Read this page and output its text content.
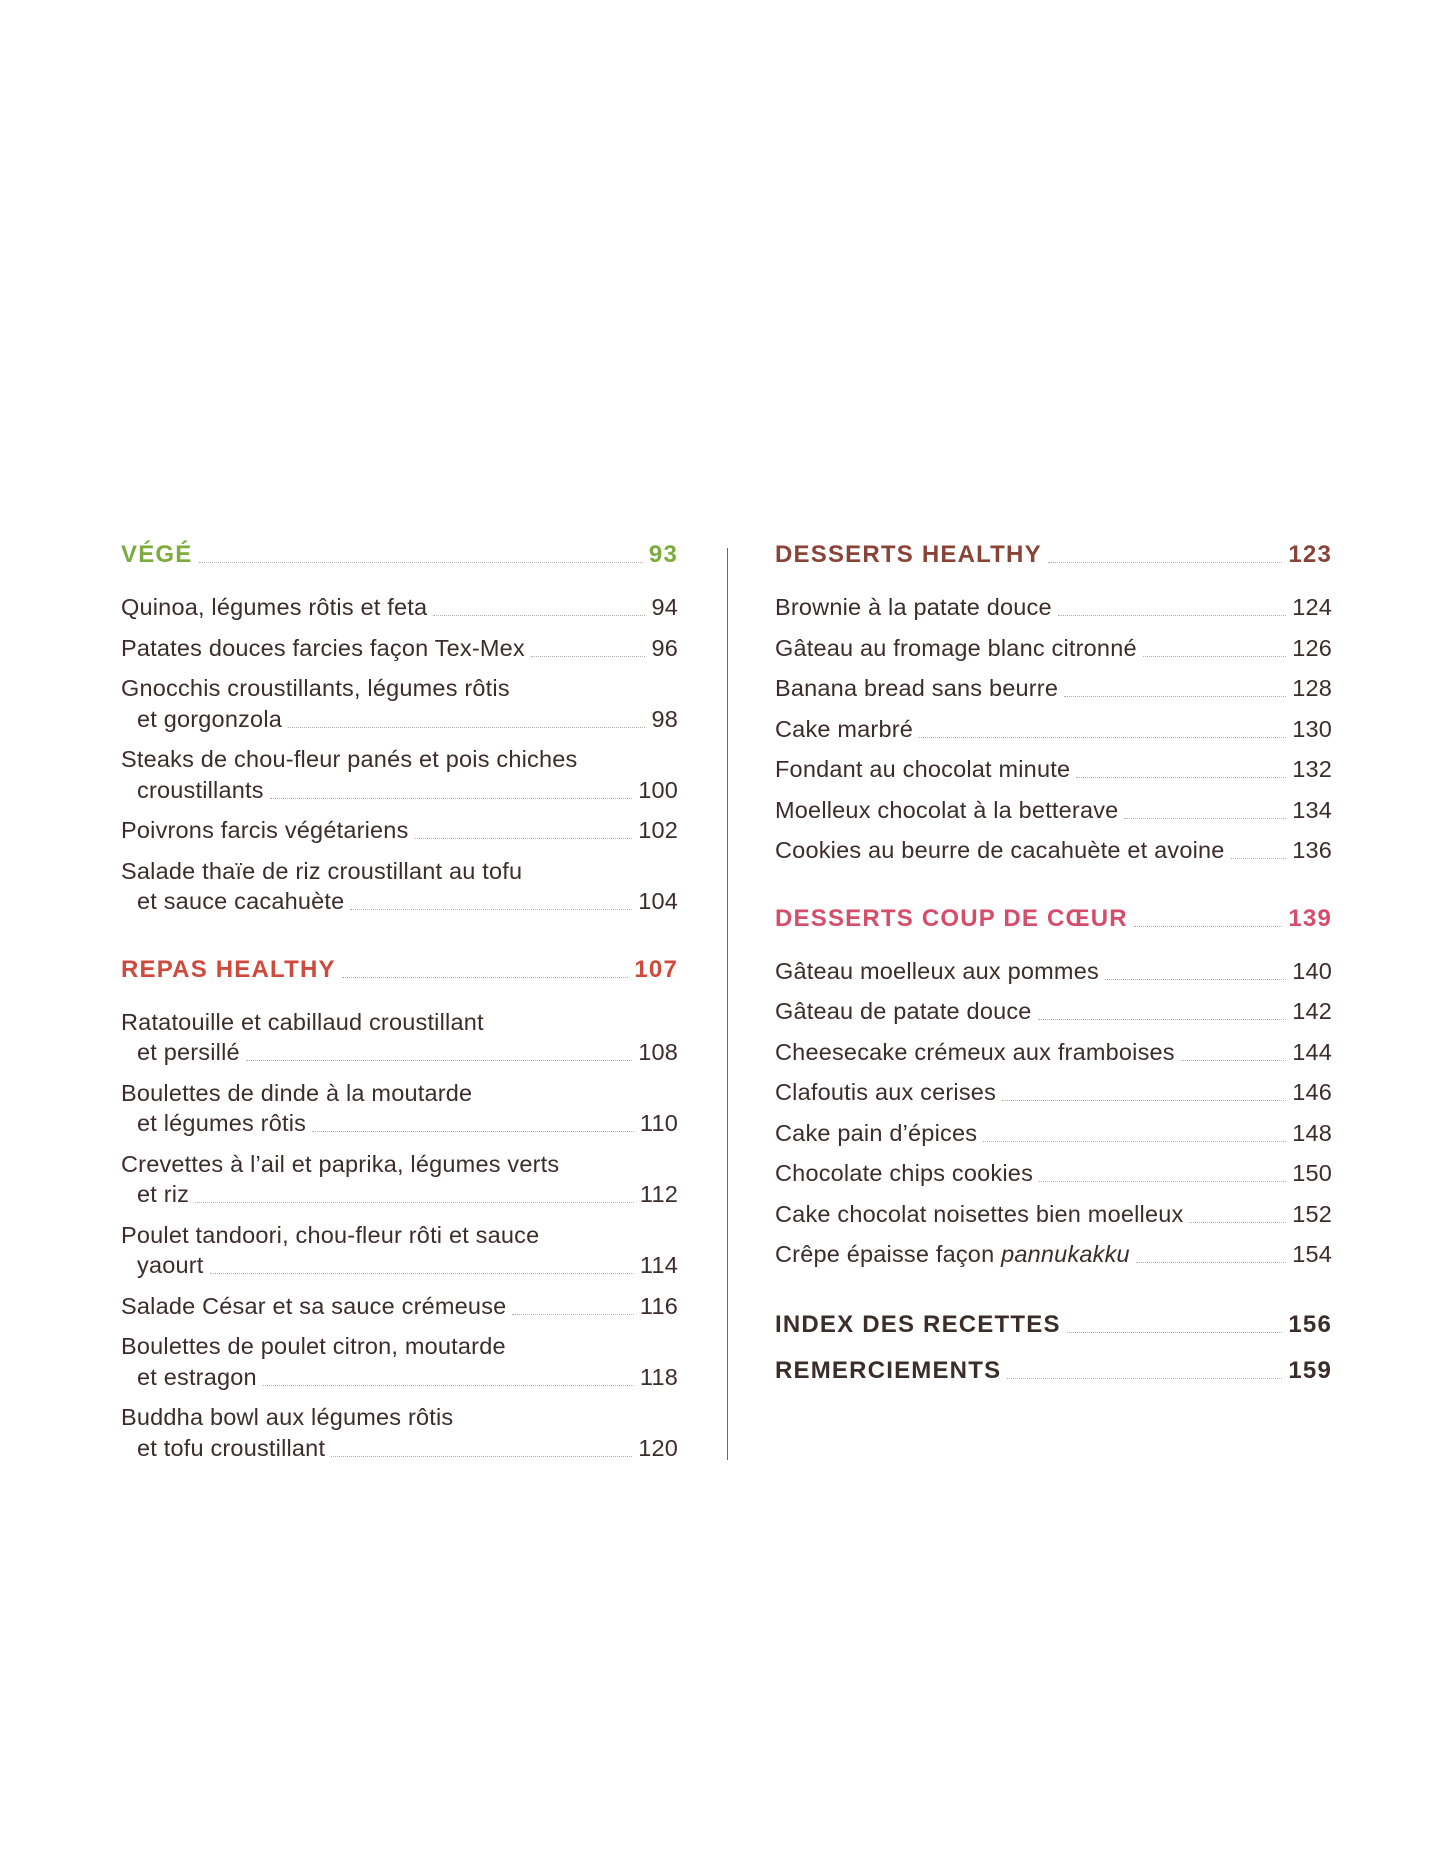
VÉGÉ	93
Quinoa, légumes rôtis et feta	94
Patates douces farcies façon Tex-Mex	96
Gnocchis croustillants, légumes rôtis
et gorgonzola	98
Steaks de chou-fleur panés et pois chiches
croustillants	100
Poivrons farcis végétariens	102
Salade thaïe de riz croustillant au tofu
et sauce cacahuète	104
REPAS HEALTHY	107
Ratatouille et cabillaud croustillant
et persillé	108
Boulettes de dinde à la moutarde
et légumes rôtis	110
Crevettes à l’ail et paprika, légumes verts
et riz	112
Poulet tandoori, chou-fleur rôti et sauce
yaourt	114
Salade César et sa sauce crémeuse	116
Boulettes de poulet citron, moutarde
et estragon	118
Buddha bowl aux légumes rôtis
et tofu croustillant	120
DESSERTS HEALTHY	123
Brownie à la patate douce	124
Gâteau au fromage blanc citronné	126
Banana bread sans beurre	128
Cake marbré	130
Fondant au chocolat minute	132
Moelleux chocolat à la betterave	134
Cookies au beurre de cacahuète et avoine	136
DESSERTS COUP DE CŒUR	139
Gâteau moelleux aux pommes	140
Gâteau de patate douce	142
Cheesecake crémeux aux framboises	144
Clafoutis aux cerises	146
Cake pain d’épices	148
Chocolate chips cookies	150
Cake chocolat noisettes bien moelleux	152
Crêpe épaisse façon pannukakku	154
INDEX DES RECETTES	156
REMERCIEMENTS	159
